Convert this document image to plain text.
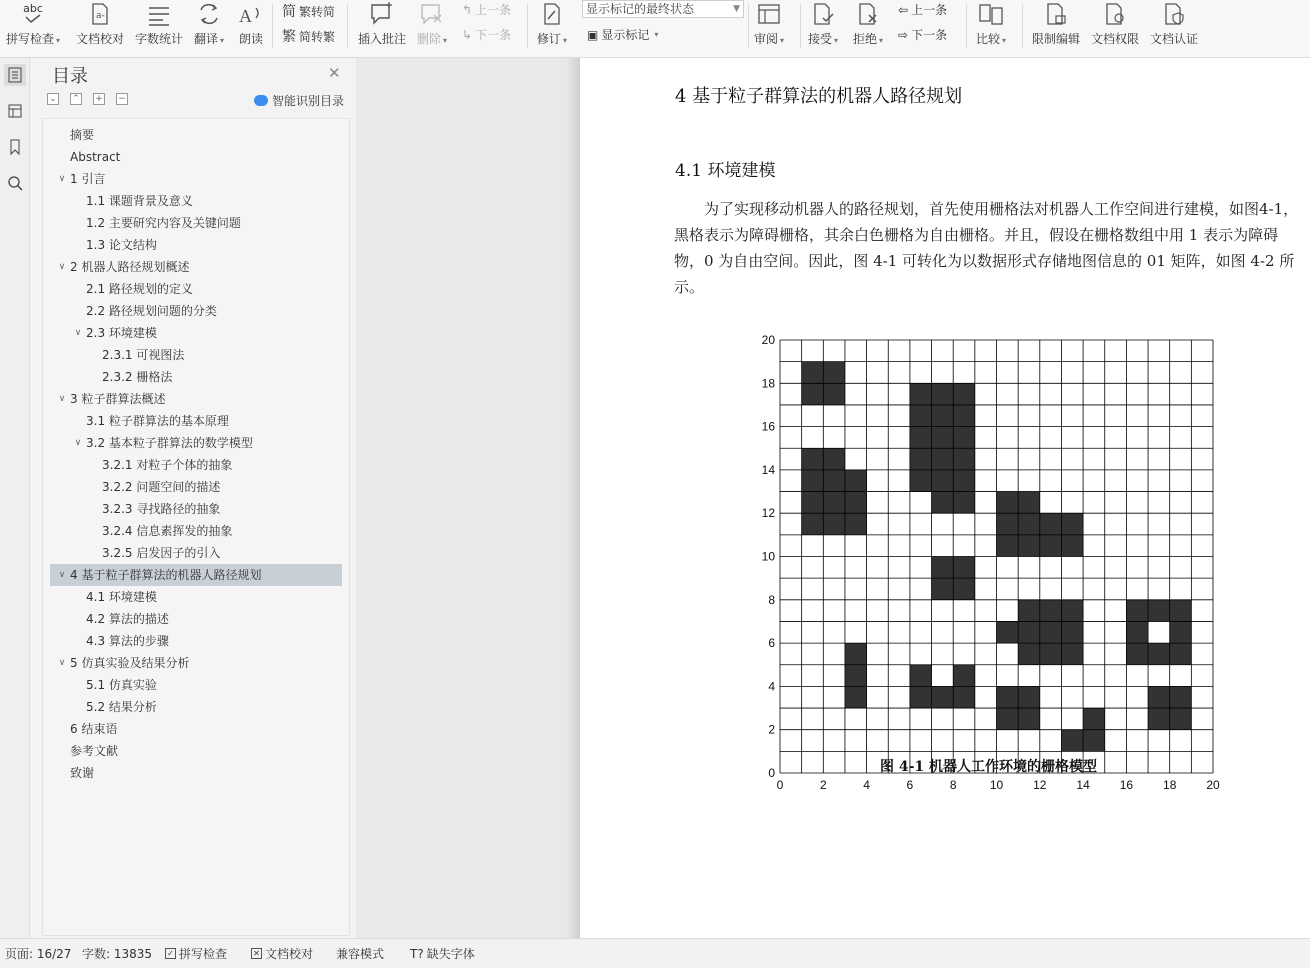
abc
拼写检查 ▾
a-
文档校对 字数统计 翻译 ▾
A
朗读
简 繁转简
繁 简转繁 插入批注 删除 ▾
↰ 上一条
↳ 下一条 修订 ▾
显示标记的最终状态	▼
▣ 显示标记 ▾	审阅 ▾ 接受 ▾ 拒绝 ▾
⇦ 上一条
⇨ 下一条 比较 ▾ 限制编辑 文档权限 文档认证
目录	✕
⌄ ⌃ + −	智能识别目录
摘要
Abstract
∨ 1 引言
1.1 课题背景及意义
1.2 主要研究内容及关键问题
1.3 论文结构
∨ 2 机器人路径规划概述
2.1 路径规划的定义
2.2 路径规划问题的分类
∨ 2.3 环境建模
2.3.1 可视图法
2.3.2 栅格法
∨ 3 粒子群算法概述
3.1 粒子群算法的基本原理
∨ 3.2 基本粒子群算法的数学模型
3.2.1 对粒子个体的抽象
3.2.2 问题空间的描述
3.2.3 寻找路径的抽象
3.2.4 信息素挥发的抽象
3.2.5 启发因子的引入
∨ 4 基于粒子群算法的机器人路径规划
4.1 环境建模
4.2 算法的描述
4.3 算法的步骤
∨ 5 仿真实验及结果分析
5.1 仿真实验
5.2 结果分析
6 结束语
参考文献
致谢
4 基于粒子群算法的机器人路径规划
4.1 环境建模
为了实现移动机器人的路径规划，首先使用栅格法对机器人工作空间进行建模，如图4-1，黑格表示为障碍栅格，其余白色栅格为自由栅格。并且，假设在栅格数组中用 1 表示为障碍物，0 为自由空间。因此，图 4-1 可转化为以数据形式存储地图信息的 01 矩阵，如图 4-2 所示。
0
0
2
2
4
4
6
6
8
8
10
10
12
12
14
14
16
16
18
18
20
20
图 4-1 机器人工作环境的栅格模型
页面: 16/27 字数: 13835 ✓ 拼写检查	✕ 文档校对 兼容模式 T? 缺失字体
